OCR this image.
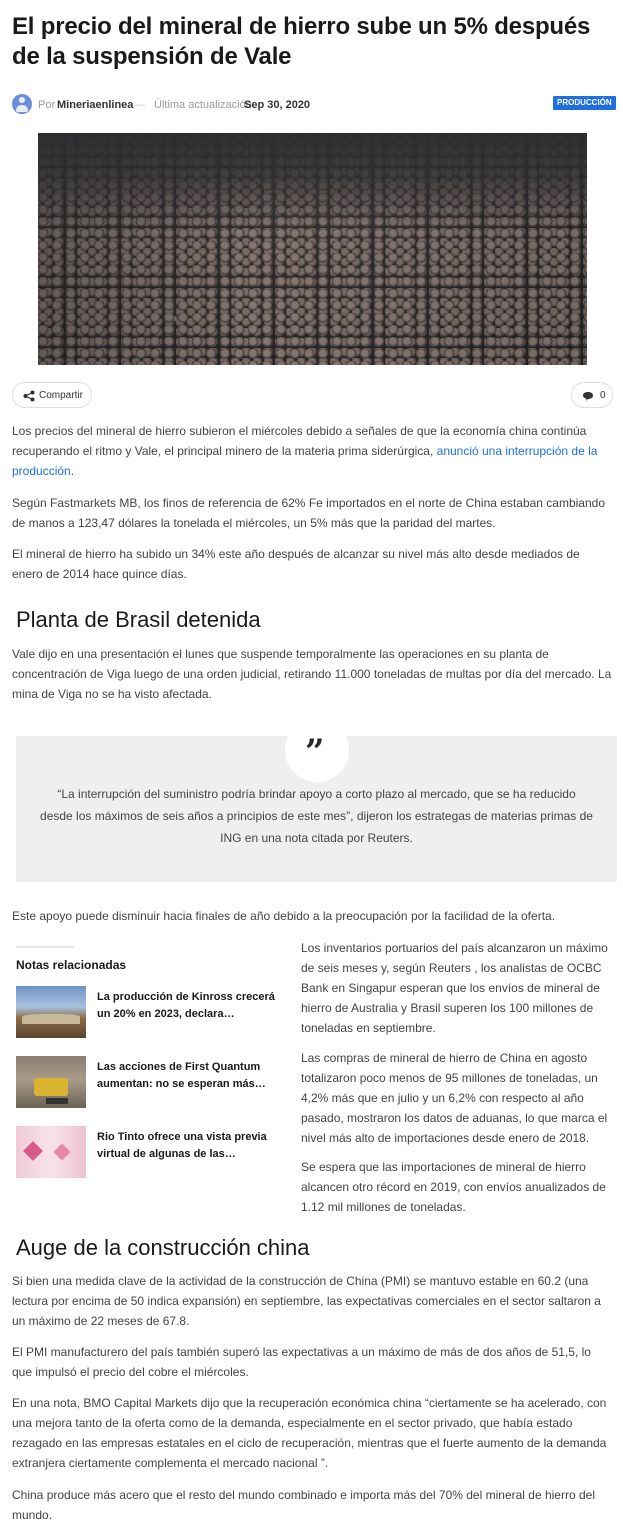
El precio del mineral de hierro sube un 5% después de la suspensión de Vale
Por Mineriaenlinea — Última actualización
Sep 30, 2020	PRODUCCIÓN
Compartir	0

Los precios del mineral de hierro subieron el miércoles debido a señales de que la economía china continúa recuperando el ritmo y Vale, el principal minero de la materia prima siderúrgica, anunció una interrupción de la producción.

Según Fastmarkets MB, los finos de referencia de 62% Fe importados en el norte de China estaban cambiando de manos a 123,47 dólares la tonelada el miércoles, un 5% más que la paridad del martes.

El mineral de hierro ha subido un 34% este año después de alcanzar su nivel más alto desde mediados de enero de 2014 hace quince días.

Planta de Brasil detenida

Vale dijo en una presentación el lunes que suspende temporalmente las operaciones en su planta de concentración de Viga luego de una orden judicial, retirando 11.000 toneladas de multas por día del mercado. La mina de Viga no se ha visto afectada.

”

“La interrupción del suministro podría brindar apoyo a corto plazo al mercado, que se ha reducido desde los máximos de seis años a principios de este mes”, dijeron los estrategas de materias primas de ING en una nota citada por Reuters.

Este apoyo puede disminuir hacia finales de año debido a la preocupación por la facilidad de la oferta.

Notas relacionadas
La producción de Kinross crecerá un 20% en 2023, declara…
Las acciones de First Quantum aumentan: no se esperan más…
Rio Tinto ofrece una vista previa virtual de algunas de las…

Los inventarios portuarios del país alcanzaron un máximo de seis meses y, según Reuters , los analistas de OCBC Bank en Singapur esperan que los envíos de mineral de hierro de Australia y Brasil superen los 100 millones de toneladas en septiembre.

Las compras de mineral de hierro de China en agosto totalizaron poco menos de 95 millones de toneladas, un 4,2% más que en julio y un 6,2% con respecto al año pasado, mostraron los datos de aduanas, lo que marca el nivel más alto de importaciones desde enero de 2018.

Se espera que las importaciones de mineral de hierro alcancen otro récord en 2019, con envíos anualizados de 1.12 mil millones de toneladas.

Auge de la construcción china

Si bien una medida clave de la actividad de la construcción de China (PMI) se mantuvo estable en 60.2 (una lectura por encima de 50 indica expansión) en septiembre, las expectativas comerciales en el sector saltaron a un máximo de 22 meses de 67.8.

El PMI manufacturero del país también superó las expectativas a un máximo de más de dos años de 51,5, lo que impulsó el precio del cobre el miércoles.

En una nota, BMO Capital Markets dijo que la recuperación económica china “ciertamente se ha acelerado, con una mejora tanto de la oferta como de la demanda, especialmente en el sector privado, que había estado rezagado en las empresas estatales en el ciclo de recuperación, mientras que el fuerte aumento de la demanda extranjera ciertamente complementa el mercado nacional ”.

China produce más acero que el resto del mundo combinado e importa más del 70% del mineral de hierro del mundo.
